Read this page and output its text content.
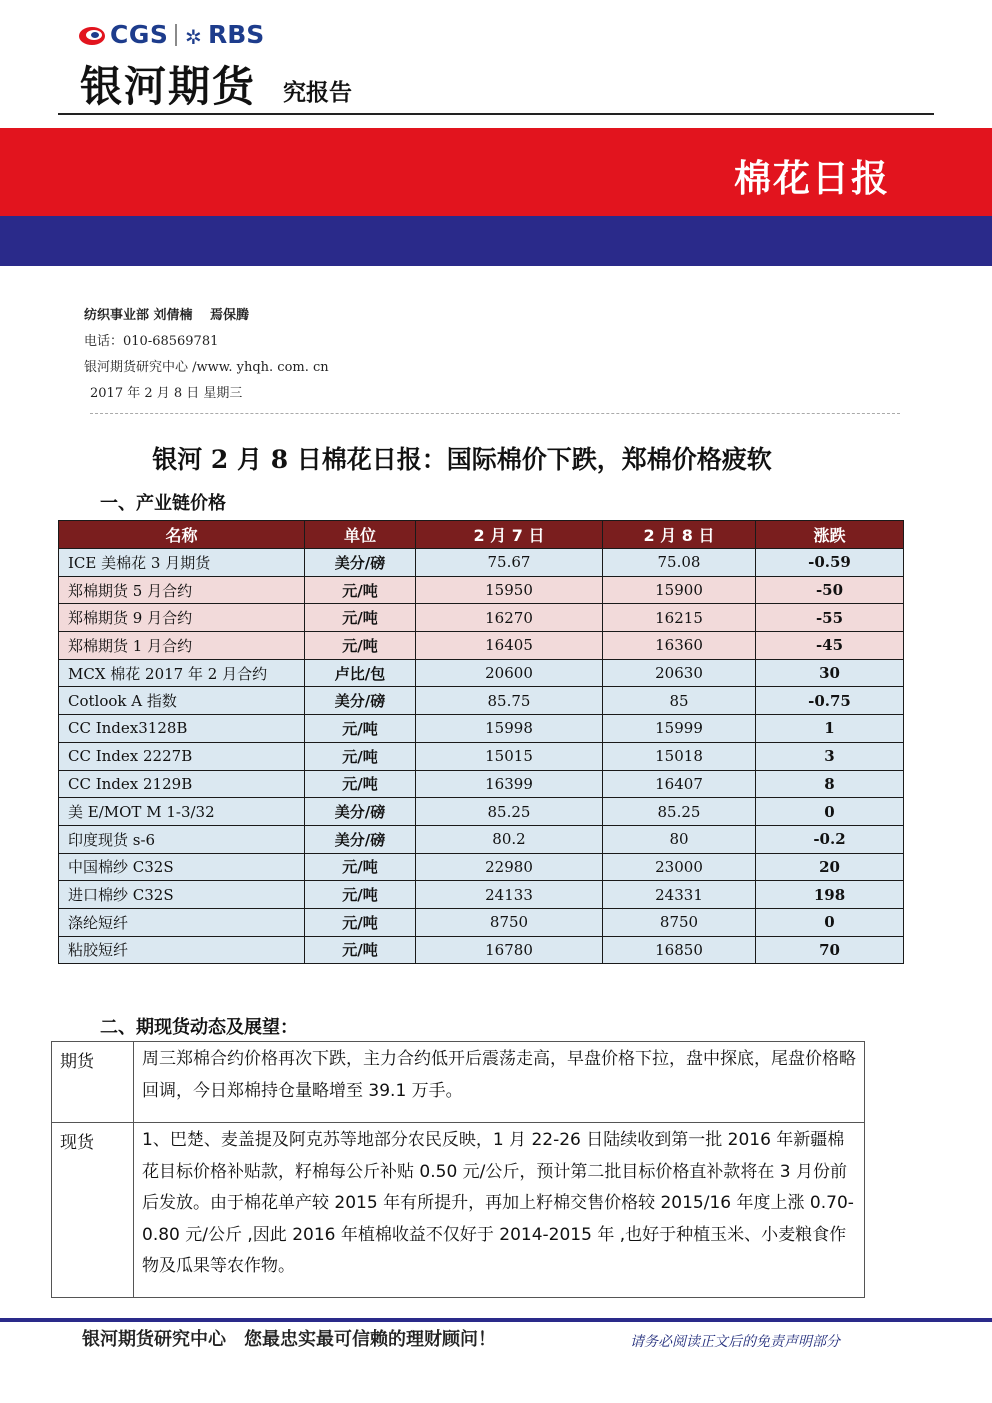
CGS ✲ RBS
银河期货 究报告
棉花日报
纺织事业部 刘倩楠　 焉保腾
电话：010-68569781
银河期货研究中心 /www. yhqh. com. cn
2017 年 2 月 8 日 星期三
银河 2 月 8 日棉花日报：国际棉价下跌，郑棉价格疲软
一、产业链价格
名称	单位	2 月 7 日	2 月 8 日	涨跌
ICE 美棉花 3 月期货	美分/磅	75.67	75.08	-0.59
郑棉期货 5 月合约	元/吨	15950	15900	-50
郑棉期货 9 月合约	元/吨	16270	16215	-55
郑棉期货 1 月合约	元/吨	16405	16360	-45
MCX 棉花 2017 年 2 月合约	卢比/包	20600	20630	30
Cotlook A 指数	美分/磅	85.75	85	-0.75
CC Index3128B	元/吨	15998	15999	1
CC Index 2227B	元/吨	15015	15018	3
CC Index 2129B	元/吨	16399	16407	8
美 E/MOT M 1-3/32	美分/磅	85.25	85.25	0
印度现货 s-6	美分/磅	80.2	80	-0.2
中国棉纱 C32S	元/吨	22980	23000	20
进口棉纱 C32S	元/吨	24133	24331	198
涤纶短纤	元/吨	8750	8750	0
粘胶短纤	元/吨	16780	16850	70
二、期现货动态及展望：
期货	周三郑棉合约价格再次下跌，主力合约低开后震荡走高，早盘价格下拉，盘中探底，尾盘价格略回调，今日郑棉持仓量略增至 39.1 万手。
现货	1、巴楚、麦盖提及阿克苏等地部分农民反映，1 月 22-26 日陆续收到第一批 2016 年新疆棉花目标价格补贴款，籽棉每公斤补贴 0.50 元/公斤，预计第二批目标价格直补款将在 3 月份前后发放。由于棉花单产较 2015 年有所提升，再加上籽棉交售价格较 2015/16 年度上涨 0.70-0.80 元/公斤 ,因此 2016 年植棉收益不仅好于 2014-2015 年 ,也好于种植玉米、小麦粮食作物及瓜果等农作物。
银河期货研究中心　您最忠实最可信赖的理财顾问！	请务必阅读正文后的免责声明部分
